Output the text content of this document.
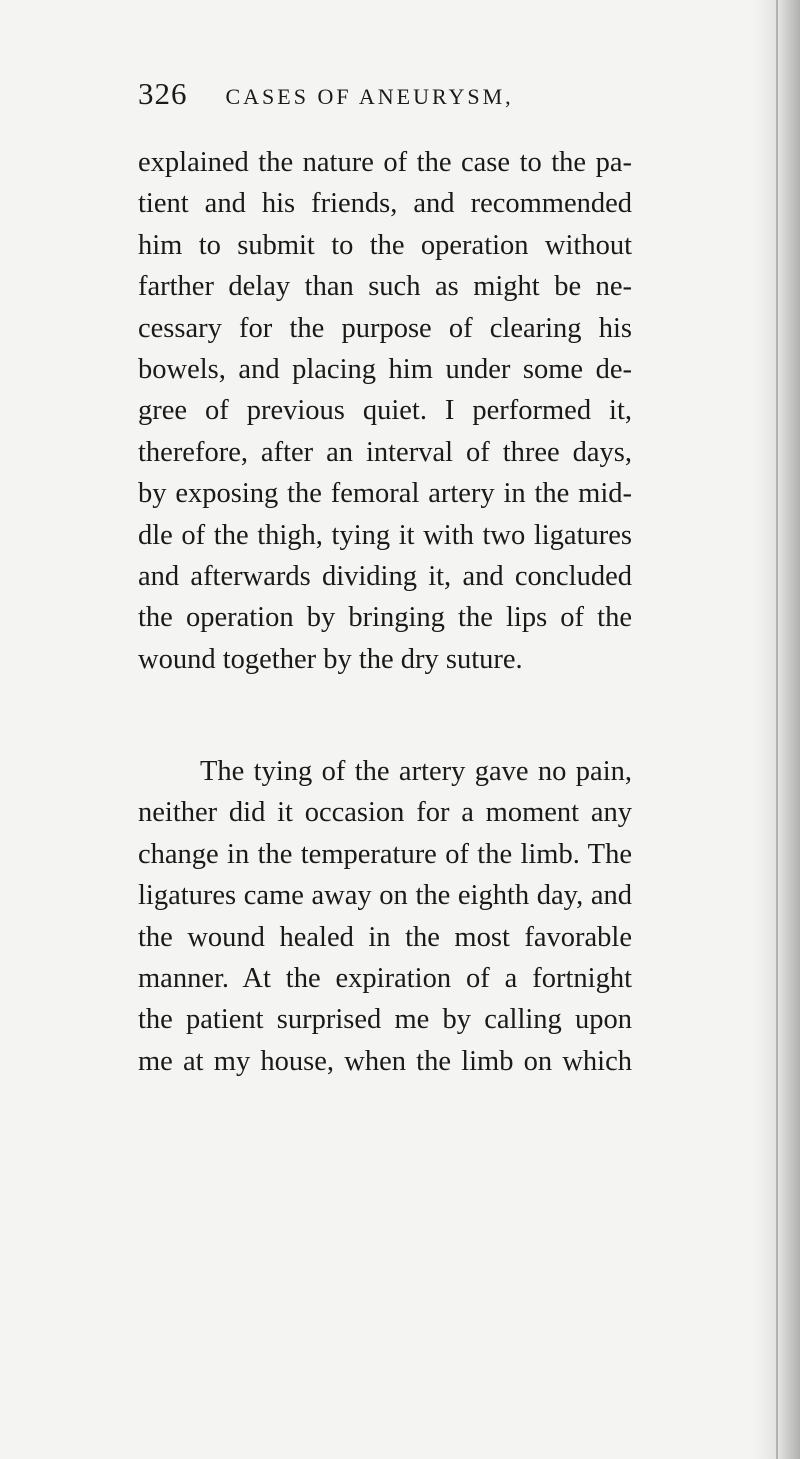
326 CASES OF ANEURYSM,

explained the nature of the case to the pa-
tient and his friends, and recommended
him to submit to the operation without
farther delay than such as might be ne-
cessary for the purpose of clearing his
bowels, and placing him under some de-
gree of previous quiet. I performed it,
therefore, after an interval of three days,
by exposing the femoral artery in the mid-
dle of the thigh, tying it with two ligatures
and afterwards dividing it, and concluded
the operation by bringing the lips of the
wound together by the dry suture.

The tying of the artery gave no pain,
neither did it occasion for a moment any
change in the temperature of the limb. The
ligatures came away on the eighth day, and
the wound healed in the most favorable
manner. At the expiration of a fortnight
the patient surprised me by calling upon
me at my house, when the limb on which
